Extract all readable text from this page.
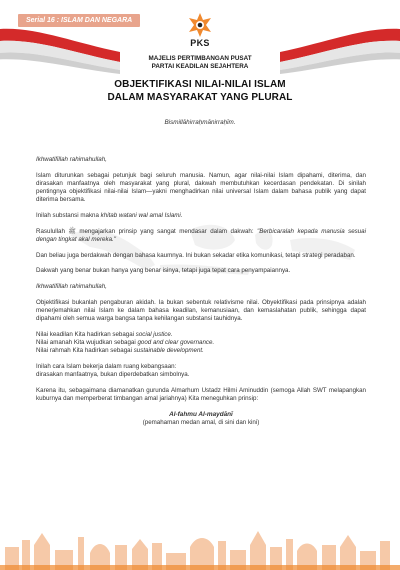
Serial 16 : ISLAM DAN NEGARA
PKS
MAJELIS PERTIMBANGAN PUSAT
PARTAI KEADILAN SEJAHTERA
OBJEKTIFIKASI NILAI-NILAI ISLAM
DALAM MASYARAKAT YANG PLURAL
Bismillāhirraḥmānirraḥīm.

Ikhwatifillah rahimahullah,

Islam diturunkan sebagai petunjuk bagi seluruh manusia. Namun, agar nilai-nilai Islam dipahami, diterima, dan dirasakan manfaatnya oleh masyarakat yang plural, dakwah membutuhkan kecerdasan pendekatan. Di sinilah pentingnya objektifikasi nilai-nilai Islam—yakni menghadirkan nilai universal Islam dalam bahasa publik yang dapat diterima bersama.

Inilah substansi makna khitab watani wal amal Islami.

Rasulullah ﷺ mengajarkan prinsip yang sangat mendasar dalam dakwah: "Berbicaralah kepada manusia sesuai dengan tingkat akal mereka."

Dan beliau juga berdakwah dengan bahasa kaumnya. Ini bukan sekadar etika komunikasi, tetapi strategi peradaban.

Dakwah yang benar bukan hanya yang benar isinya, tetapi juga tepat cara penyampaiannya.

Ikhwatifillah rahimahullah,

Objektifikasi bukanlah pengaburan akidah. Ia bukan sebentuk relativisme nilai. Obyektifikasi pada prinsipnya adalah menerjemahkan nilai Islam ke dalam bahasa keadilan, kemanusiaan, dan kemaslahatan publik, sehingga dapat dipahami oleh semua warga bangsa tanpa kehilangan substansi tauhidnya.

Nilai keadilan Kita hadirkan sebagai social justice.
Nilai amanah Kita wujudkan sebagai good and clear governance.
Nilai rahmah Kita hadirkan sebagai sustainable development.

Inilah cara Islam bekerja dalam ruang kebangsaan:
dirasakan manfaatnya, bukan diperdebatkan simbolnya.

Karena itu, sebagaimana diamanatkan gurunda Almarhum Ustadz Hilmi Aminuddin (semoga Allah SWT melapangkan kuburnya dan memperberat timbangan amal jariahnya) Kita meneguhkan prinsip:

Al-fahmu Al-maydānī

(pemahaman medan amal, di sini dan kini)
